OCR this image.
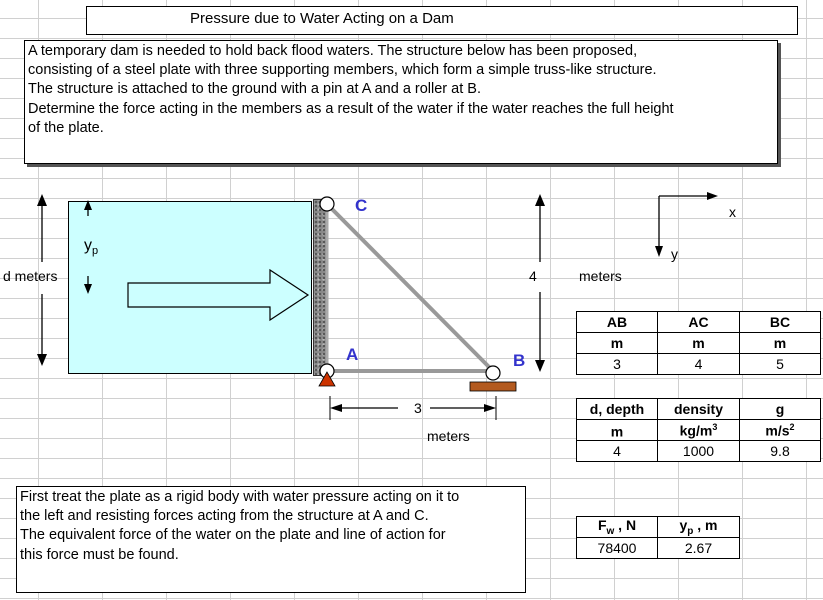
Pressure due to Water Acting on a Dam
A temporary dam is needed to hold back flood waters. The structure below has been proposed,
consisting of a steel plate with three supporting members, which form a simple truss-like structure.
The structure is attached to the ground with a pin at A and a roller at B.
Determine the force acting in the members as a result of the water if the water reaches the full height
of the plate.
C
A	B
d meters
$y_p$
4	meters
3
meters
x
y
AB	AC	BC
m	m	m
3	4	5
d, depth	density	g
m	$kg/m^3$	$m/s^2$
4	1000	9.8
$F_w$ , N	$y_p$ , m
78400	2.67
First treat the plate as a rigid body with water pressure acting on it to
the left and resisting forces acting from the structure at A and C.
The equivalent force of the water on the plate and line of action for
this force must be found.
